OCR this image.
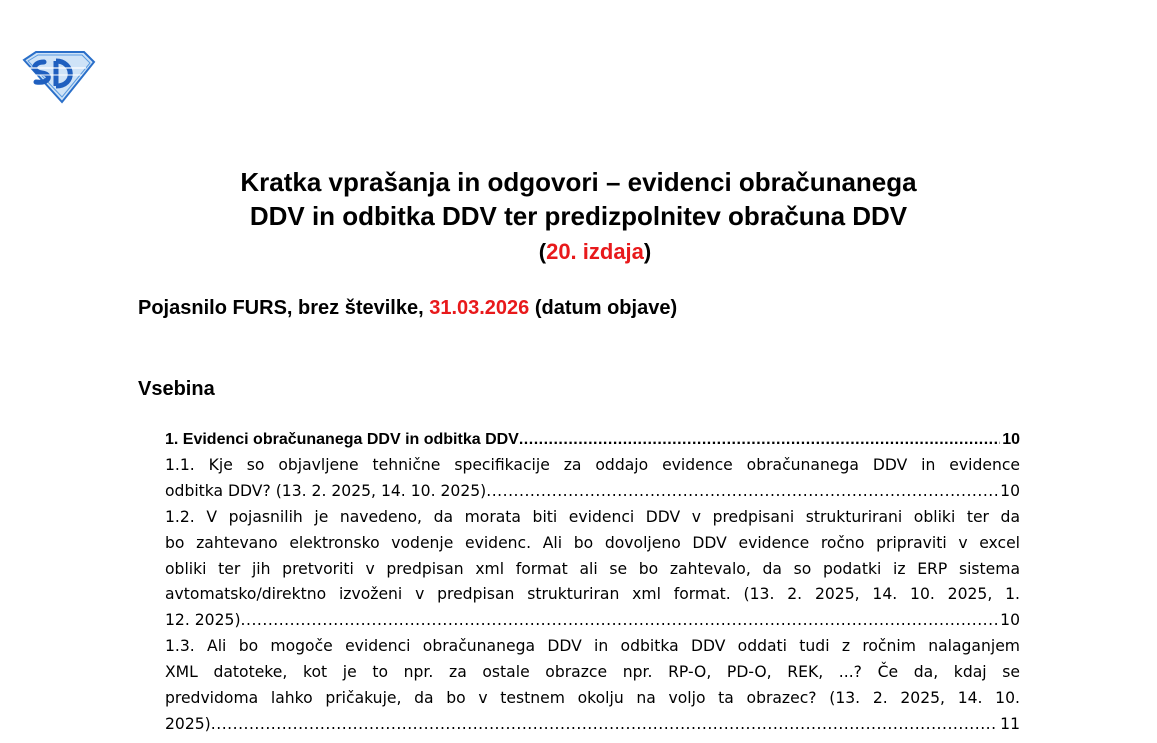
Kratka vprašanja in odgovori – evidenci obračunanega
DDV in odbitka DDV ter predizpolnitev obračuna DDV
(20. izdaja)
Pojasnilo FURS, brez številke, 31.03.2026 (datum objave)
Vsebina
1. Evidenci obračunanega DDV in odbitka DDV .....	10
1.1. Kje so objavljene tehnične specifikacije za oddajo evidence obračunanega DDV in evidence
odbitka DDV? (13. 2. 2025, 14. 10. 2025) .....	10
1.2. V pojasnilih je navedeno, da morata biti evidenci DDV v predpisani strukturirani obliki ter da
bo zahtevano elektronsko vodenje evidenc. Ali bo dovoljeno DDV evidence ročno pripraviti v excel
obliki ter jih pretvoriti v predpisan xml format ali se bo zahtevalo, da so podatki iz ERP sistema
avtomatsko/direktno izvoženi v predpisan strukturiran xml format. (13. 2. 2025, 14. 10. 2025, 1.
12. 2025) .....	10
1.3. Ali bo mogoče evidenci obračunanega DDV in odbitka DDV oddati tudi z ročnim nalaganjem
XML datoteke, kot je to npr. za ostale obrazce npr. RP-O, PD-O, REK, ...? Če da, kdaj se
predvidoma lahko pričakuje, da bo v testnem okolju na voljo ta obrazec? (13. 2. 2025, 14. 10.
2025) .....	11
